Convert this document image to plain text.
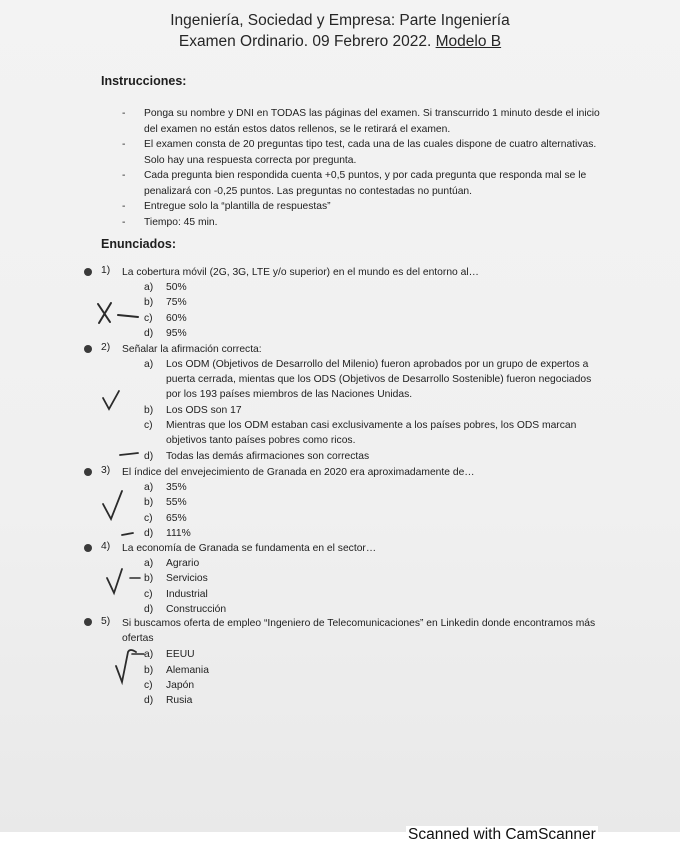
Ingeniería, Sociedad y Empresa: Parte Ingeniería
Examen Ordinario. 09 Febrero 2022. Modelo B
Instrucciones:
- Ponga su nombre y DNI en TODAS las páginas del examen. Si transcurrido 1 minuto desde el inicio del examen no están estos datos rellenos, se le retirará el examen.
- El examen consta de 20 preguntas tipo test, cada una de las cuales dispone de cuatro alternativas. Solo hay una respuesta correcta por pregunta.
- Cada pregunta bien respondida cuenta +0,5 puntos, y por cada pregunta que responda mal se le penalizará con -0,25 puntos. Las preguntas no contestadas no puntúan.
- Entregue solo la “plantilla de respuestas”
- Tiempo: 45 min.
Enunciados:
1) La cobertura móvil (2G, 3G, LTE y/o superior) en el mundo es del entorno al…
a) 50%
b) 75%
c) 60%
d) 95%
2) Señalar la afirmación correcta:
a) Los ODM (Objetivos de Desarrollo del Milenio) fueron aprobados por un grupo de expertos a puerta cerrada, mientas que los ODS (Objetivos de Desarrollo Sostenible) fueron negociados por los 193 países miembros de las Naciones Unidas.
b) Los ODS son 17
c) Mientras que los ODM estaban casi exclusivamente a los países pobres, los ODS marcan objetivos tanto países pobres como ricos.
d) Todas las demás afirmaciones son correctas
3) El índice del envejecimiento de Granada en 2020 era aproximadamente de…
a) 35%
b) 55%
c) 65%
d) 111%
4) La economía de Granada se fundamenta en el sector…
a) Agrario
b) Servicios
c) Industrial
d) Construcción
5) Si buscamos oferta de empleo “Ingeniero de Telecomunicaciones” en Linkedin donde encontramos más ofertas
a) EEUU
b) Alemania
c) Japón
d) Rusia
Scanned with CamScanner
